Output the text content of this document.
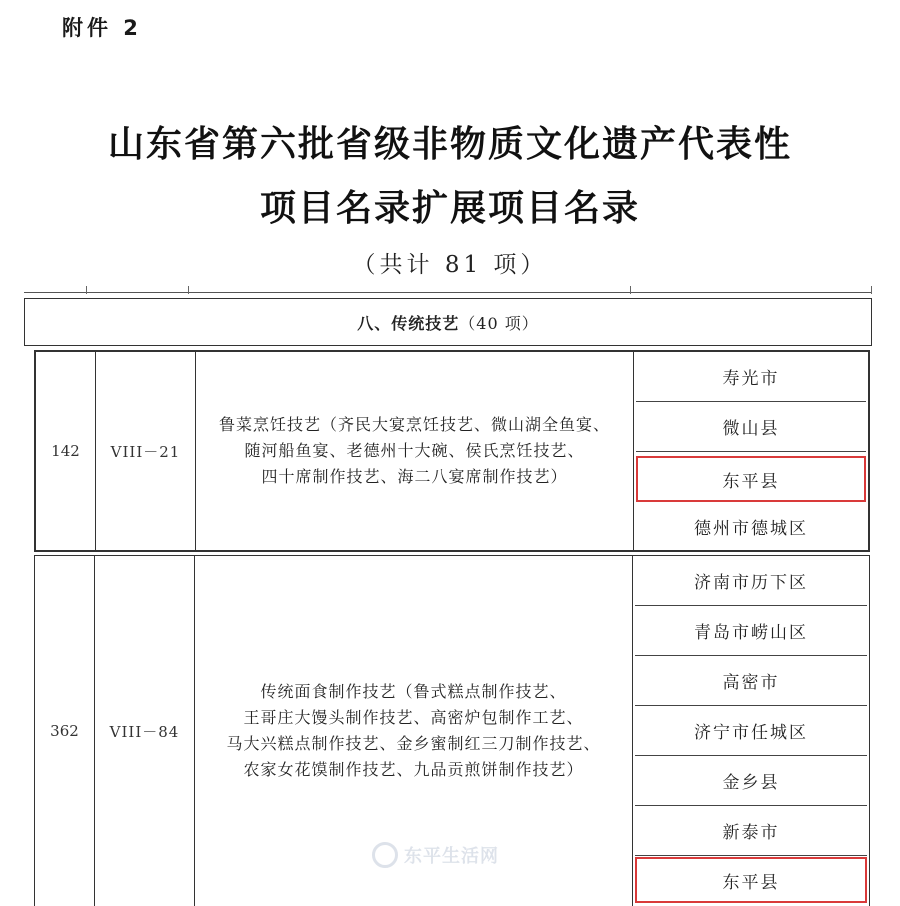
附件 2
山东省第六批省级非物质文化遗产代表性
项目名录扩展项目名录
（共计 81 项）
八、传统技艺 （40 项）
142	VIII－21
鲁菜烹饪技艺（齐民大宴烹饪技艺、微山湖全鱼宴、
随河船鱼宴、老德州十大碗、侯氏烹饪技艺、
四十席制作技艺、海二八宴席制作技艺）
寿光市
微山县
东平县
德州市德城区
362	VIII－84
传统面食制作技艺（鲁式糕点制作技艺、
王哥庄大馒头制作技艺、高密炉包制作工艺、
马大兴糕点制作技艺、金乡蜜制红三刀制作技艺、
农家女花馍制作技艺、九品贡煎饼制作技艺）
济南市历下区
青岛市崂山区
高密市
济宁市任城区
金乡县
新泰市
东平县
东平生活网
